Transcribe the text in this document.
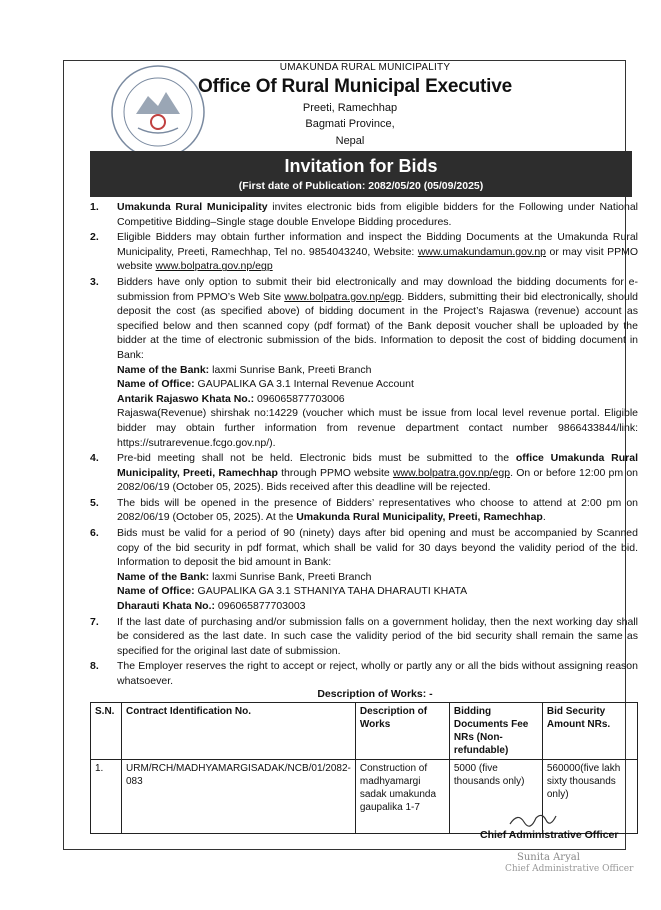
UMAKUNDA RURAL MUNICIPALITY
Office Of Rural Municipal Executive
Preeti, Ramechhap
Bagmati Province,
Nepal
Invitation for Bids
(First date of Publication: 2082/05/20 (05/09/2025)
1. Umakunda Rural Municipality invites electronic bids from eligible bidders for the Following under National Competitive Bidding–Single stage double Envelope Bidding procedures.
2. Eligible Bidders may obtain further information and inspect the Bidding Documents at the Umakunda Rural Municipality, Preeti, Ramechhap, Tel no. 9854043240, Website: www.umakundamun.gov.np or may visit PPMO website www.bolpatra.gov.np/egp
3. Bidders have only option to submit their bid electronically and may download the bidding documents for e-submission from PPMO’s Web Site www.bolpatra.gov.np/egp. Bidders, submitting their bid electronically, should deposit the cost (as specified above) of bidding document in the Project’s Rajaswa (revenue) account as specified below and then scanned copy (pdf format) of the Bank deposit voucher shall be uploaded by the bidder at the time of electronic submission of the bids. Information to deposit the cost of bidding document in Bank:
Name of the Bank: laxmi Sunrise Bank, Preeti Branch
Name of Office: GAUPALIKA GA 3.1 Internal Revenue Account
Antarik Rajaswo Khata No.: 096065877703006
Rajaswa(Revenue) shirshak no:14229 (voucher which must be issue from local level revenue portal. Eligible bidder may obtain further information from revenue department contact number 9866433844/link: https://sutrarevenue.fcgo.gov.np/).
4. Pre-bid meeting shall not be held. Electronic bids must be submitted to the office Umakunda Rural Municipality, Preeti, Ramechhap through PPMO website www.bolpatra.gov.np/egp. On or before 12:00 pm on 2082/06/19 (October 05, 2025). Bids received after this deadline will be rejected.
5. The bids will be opened in the presence of Bidders’ representatives who choose to attend at 2:00 pm on 2082/06/19 (October 05, 2025). At the Umakunda Rural Municipality, Preeti, Ramechhap.
6. Bids must be valid for a period of 90 (ninety) days after bid opening and must be accompanied by Scanned copy of the bid security in pdf format, which shall be valid for 30 days beyond the validity period of the bid. Information to deposit the bid amount in Bank:
Name of the Bank: laxmi Sunrise Bank, Preeti Branch
Name of Office: GAUPALIKA GA 3.1 STHANIYA TAHA DHARAUTI KHATA
Dharauti Khata No.: 096065877703003
7. If the last date of purchasing and/or submission falls on a government holiday, then the next working day shall be considered as the last date. In such case the validity period of the bid security shall remain the same as specified for the original last date of submission.
8. The Employer reserves the right to accept or reject, wholly or partly any or all the bids without assigning reason whatsoever.
Description of Works: -
S.N.	Contract Identification No.	Description of Works	Bidding Documents Fee NRs (Non-refundable)	Bid Security Amount NRs.
1.	URM/RCH/MADHYAMARGISADAK/NCB/01/2082-083	Construction of madhyamargi sadak umakunda gaupalika 1-7	5000 (five thousands only)	560000(five lakh sixty thousands only)
Chief Administrative Officer
Sunita Aryal
Chief Administrative Officer
